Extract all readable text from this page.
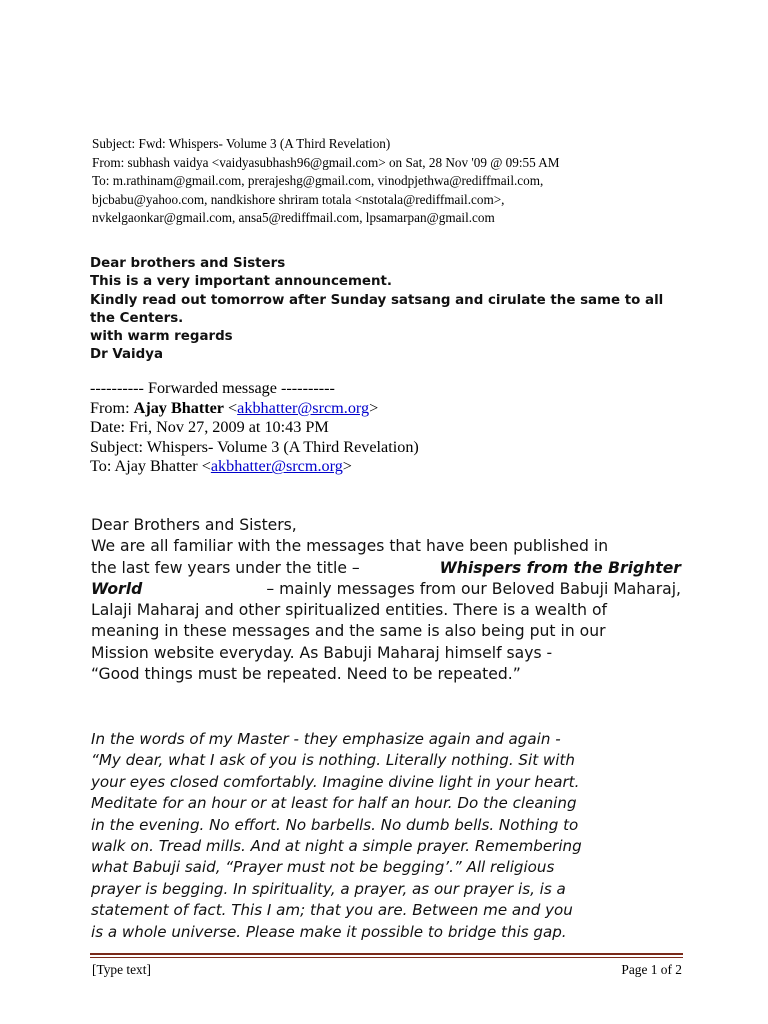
Subject: Fwd: Whispers- Volume 3 (A Third Revelation)
From: subhash vaidya <vaidyasubhash96@gmail.com> on Sat, 28 Nov '09 @ 09:55 AM
To: m.rathinam@gmail.com, prerajeshg@gmail.com, vinodpjethwa@rediffmail.com,
bjcbabu@yahoo.com, nandkishore shriram totala <nstotala@rediffmail.com>,
nvkelgaonkar@gmail.com, ansa5@rediffmail.com, lpsamarpan@gmail.com
Dear brothers and Sisters
This is a very important announcement.
Kindly read out tomorrow after Sunday satsang and cirulate the same to all
the Centers.
with warm regards
Dr Vaidya
---------- Forwarded message ----------
From: Ajay Bhatter <akbhatter@srcm.org>
Date: Fri, Nov 27, 2009 at 10:43 PM
Subject: Whispers- Volume 3 (A Third Revelation)
To: Ajay Bhatter <akbhatter@srcm.org>
Dear Brothers and Sisters,
We are all familiar with the messages that have been published in
the last few years under the title –	Whispers from the Brighter
World	– mainly messages from our Beloved Babuji Maharaj,
Lalaji Maharaj and other spiritualized entities. There is a wealth of
meaning in these messages and the same is also being put in our
Mission website everyday. As Babuji Maharaj himself says -
“Good things must be repeated. Need to be repeated.”
In the words of my Master - they emphasize again and again -
“My dear, what I ask of you is nothing. Literally nothing. Sit with
your eyes closed comfortably. Imagine divine light in your heart.
Meditate for an hour or at least for half an hour. Do the cleaning
in the evening. No effort. No barbells. No dumb bells. Nothing to
walk on. Tread mills. And at night a simple prayer. Remembering
what Babuji said, “Prayer must not be begging’.” All religious
prayer is begging. In spirituality, a prayer, as our prayer is, is a
statement of fact. This I am; that you are. Between me and you
is a whole universe. Please make it possible to bridge this gap.
[Type text]	Page 1 of 2
